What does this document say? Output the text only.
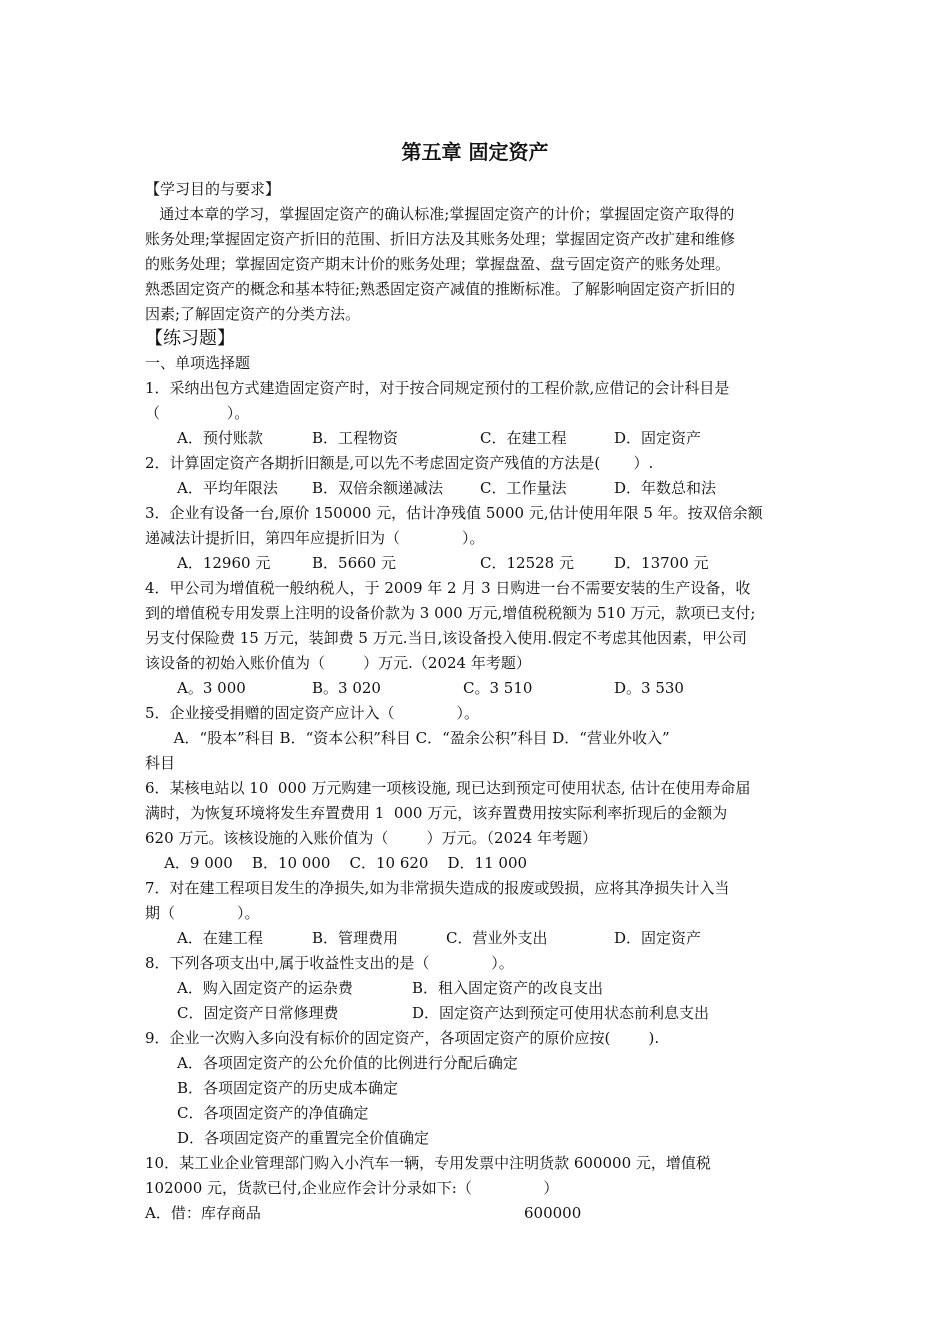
第五章 固定资产
【学习目的与要求】
通过本章的学习，掌握固定资产的确认标准;掌握固定资产的计价；掌握固定资产取得的
账务处理;掌握固定资产折旧的范围、折旧方法及其账务处理；掌握固定资产改扩建和维修
的账务处理；掌握固定资产期末计价的账务处理；掌握盘盈、盘亏固定资产的账务处理。
熟悉固定资产的概念和基本特征;熟悉固定资产减值的推断标准。了解影响固定资产折旧的
因素;了解固定资产的分类方法。
【练习题】
一、单项选择题
1．采纳出包方式建造固定资产时，对于按合同规定预付的工程价款,应借记的会计科目是
（              ）。
A．预付账款	B．工程物资	C．在建工程	D．固定资产
2．计算固定资产各期折旧额是,可以先不考虑固定资产残值的方法是(       ）.
A．平均年限法 B．双倍余额递减法 C．工作量法	D．年数总和法
3．企业有设备一台,原价 150000 元，估计净残值 5000 元,估计使用年限 5 年。按双倍余额
递减法计提折旧，第四年应提折旧为（             ）。
A．12960 元	B．5660 元	C．12528 元	D．13700 元
4．甲公司为增值税一般纳税人，于 2009 年 2 月 3 日购进一台不需要安装的生产设备，收
到的增值税专用发票上注明的设备价款为 3 000 万元,增值税税额为 510 万元，款项已支付;
另支付保险费 15 万元，装卸费 5 万元.当日,该设备投入使用.假定不考虑其他因素，甲公司
该设备的初始入账价值为（        ）万元.（2024 年考题）
A。3 000	B。3 020	C。3 510	D。3 530
5．企业接受捐赠的固定资产应计入（             ）。
A．“股本”科目 B．“资本公积”科目 C．“盈余公积”科目 D．“营业外收入”
科目
6．某核电站以 10  000 万元购建一项核设施, 现已达到预定可使用状态, 估计在使用寿命届
满时，为恢复环境将发生弃置费用 1  000 万元，该弃置费用按实际利率折现后的金额为
620 万元。该核设施的入账价值为（        ）万元。（2024 年考题）
A．9 000    B．10 000    C．10 620    D．11 000
7．对在建工程项目发生的净损失,如为非常损失造成的报废或毁损，应将其净损失计入当
期（             ）。
A．在建工程	B．管理费用	C．营业外支出	D．固定资产
8．下列各项支出中,属于收益性支出的是（             ）。
A．购入固定资产的运杂费	B．租入固定资产的改良支出
C．固定资产日常修理费	D．固定资产达到预定可使用状态前利息支出
9．企业一次购入多向没有标价的固定资产，各项固定资产的原价应按(        ).
A．各项固定资产的公允价值的比例进行分配后确定
B．各项固定资产的历史成本确定
C．各项固定资产的净值确定
D．各项固定资产的重置完全价值确定
10．某工业企业管理部门购入小汽车一辆，专用发票中注明货款 600000 元，增值税
102000 元，货款已付,企业应作会计分录如下:（               ）
A．借：库存商品	600000
